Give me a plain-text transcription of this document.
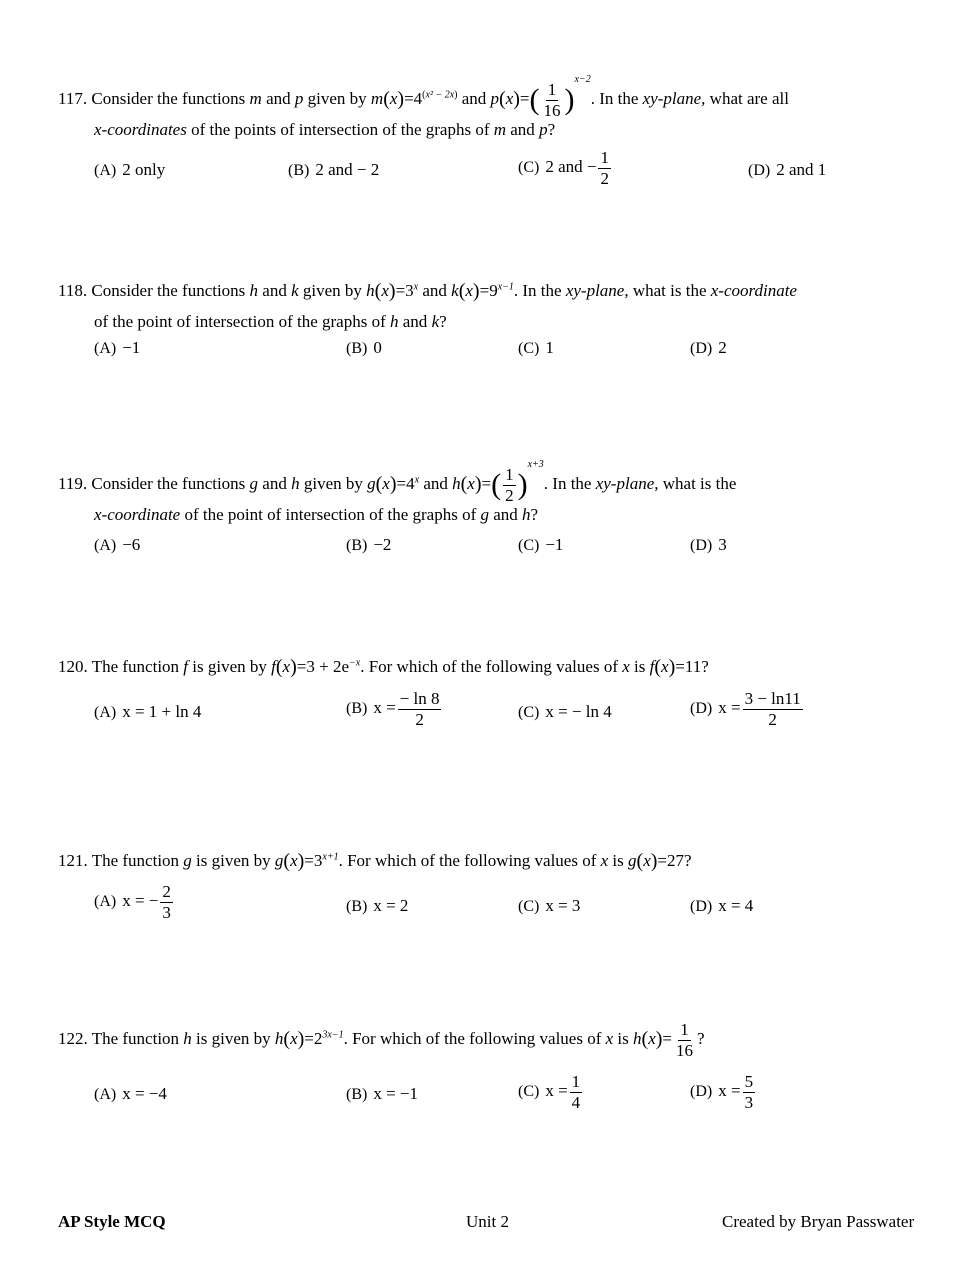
117. Consider the functions m and p given by $m(x)=4^{(x^2 - 2x)}$ and $p(x)=( \frac{1}{16} )^{x-2}$. In the xy-plane, what are all
x-coordinates of the points of intersection of the graphs of m and p?
(A) 2 only	(B) 2 and − 2	(C) 2 and − $\frac{1}{2}$	(D) 2 and 1
118. Consider the functions h and k given by $h(x)=3^x$ and $k(x)=9^{x-1}$. In the xy-plane, what is the x-coordinate
of the point of intersection of the graphs of h and k?
(A) −1	(B) 0	(C) 1	(D) 2
119. Consider the functions g and h given by $g(x)=4^x$ and $h(x)=( \frac{1}{2} )^{x+3}$. In the xy-plane, what is the
x-coordinate of the point of intersection of the graphs of g and h?
(A) −6	(B) −2	(C) −1	(D) 3
120. The function f is given by $f(x)=3 + 2e^{-x}$. For which of the following values of x is f(x)=11?
(A) x = 1 + ln 4	(B) $x = \frac{- \ln 8}{2}$	(C) x = − ln 4	(D) $x = \frac{3 - \ln 11}{2}$
121. The function g is given by $g(x)=3^{x+1}$. For which of the following values of x is g(x)=27?
(A) x = − $\frac{2}{3}$	(B) x = 2	(C) x = 3	(D) x = 4
122. The function h is given by $h(x)=2^{3x-1}$. For which of the following values of x is $h(x)= \frac{1}{16}$ ?
(A) x = −4	(B) x = −1	(C) $x = \frac{1}{4}$	(D) $x = \frac{5}{3}$
AP Style MCQ	Unit 2	Created by Bryan Passwater
